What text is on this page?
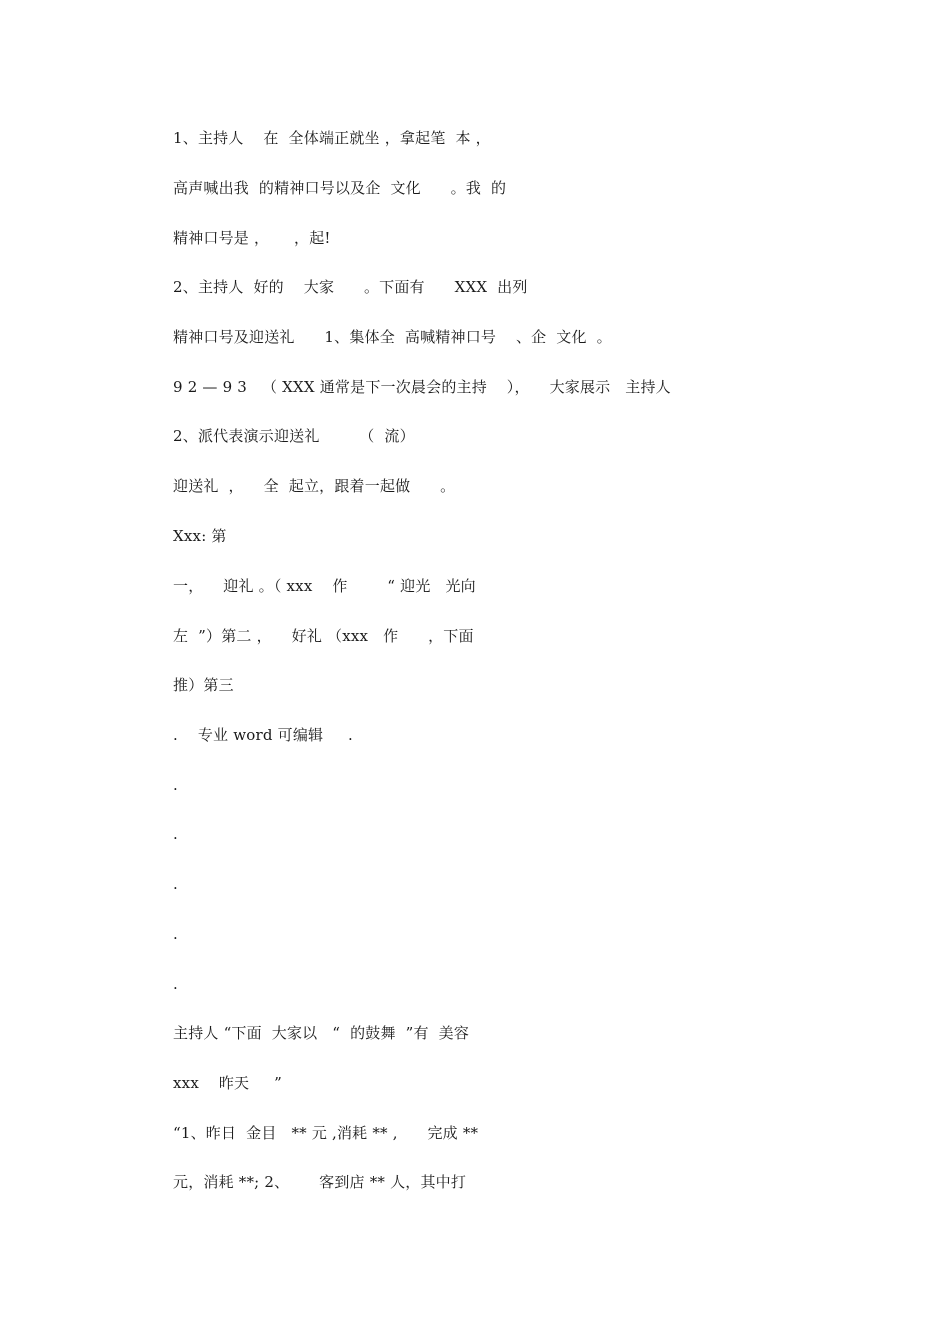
1、主持人    在  全体端正就坐 ，拿起笔  本 ，
高声喊出我  的精神口号以及企  文化      。我  的
精神口号是 ，     ，起!
2、主持人  好的    大家      。下面有      XXX  出列
精神口号及迎送礼      1、集体全  高喊精神口号    、企  文化  。
9 2 — 9 3   （ XXX 通常是下一次晨会的主持    ），    大家展示   主持人
2、派代表演示迎送礼        （  流）
迎送礼  ，    全  起立，跟着一起做      。
Xxx: 第
一，    迎礼 。（ xxx    作        “ 迎光   光向
左  ”）第二 ，    好礼 （xxx   作      ，下面
推）第三
.    专业 word 可编辑     .
.
.
.
.
.
主持人 “下面  大家以   “  的鼓舞  ”有  美容
xxx    昨天     ”
“1、昨日  金目   ** 元 ,消耗 ** ,      完成 **
元，消耗 **; 2、      客到店 ** 人，其中打
